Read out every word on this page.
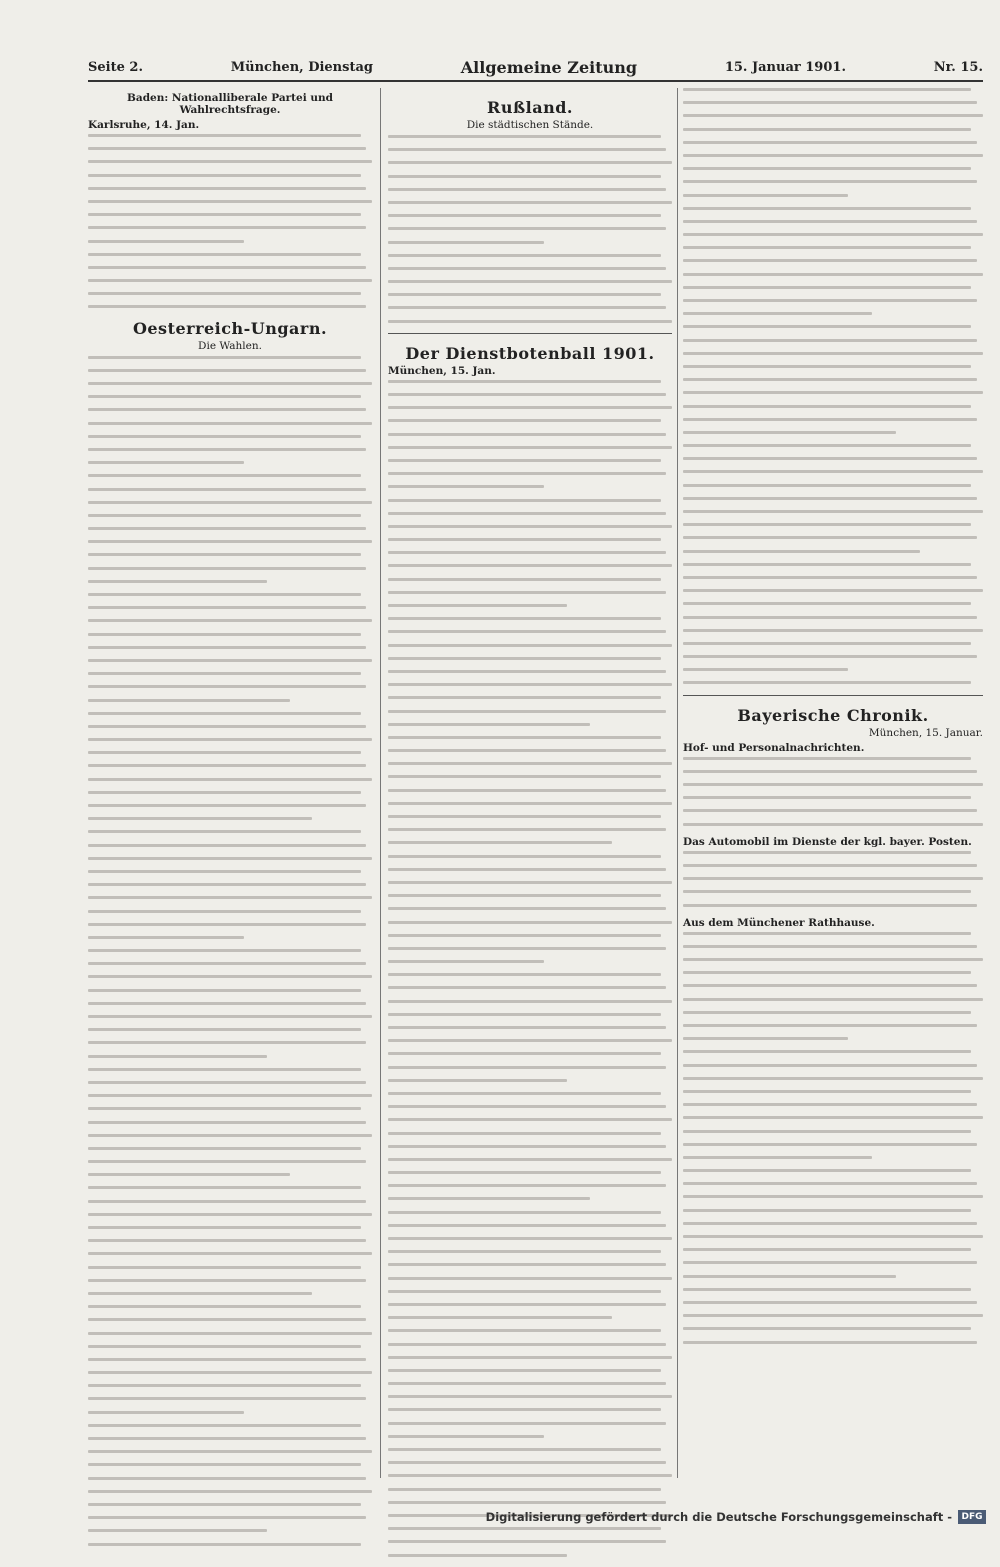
Seite 2.	München, Dienstag	Allgemeine Zeitung	15. Januar 1901.	Nr. 15.
Baden: Nationalliberale Partei und Wahlrechtsfrage.
Karlsruhe, 14. Jan.
Oesterreich-Ungarn.
Die Wahlen.
Rußland.
Die städtischen Stände.
Der Dienstbotenball 1901.
München, 15. Jan.
Bayerische Chronik.
München, 15. Januar.
Hof- und Personalnachrichten.
Das Automobil im Dienste der kgl. bayer. Posten.
Aus dem Münchener Rathhause.
Digitalisierung gefördert durch die Deutsche Forschungsgemeinschaft -	DFG
